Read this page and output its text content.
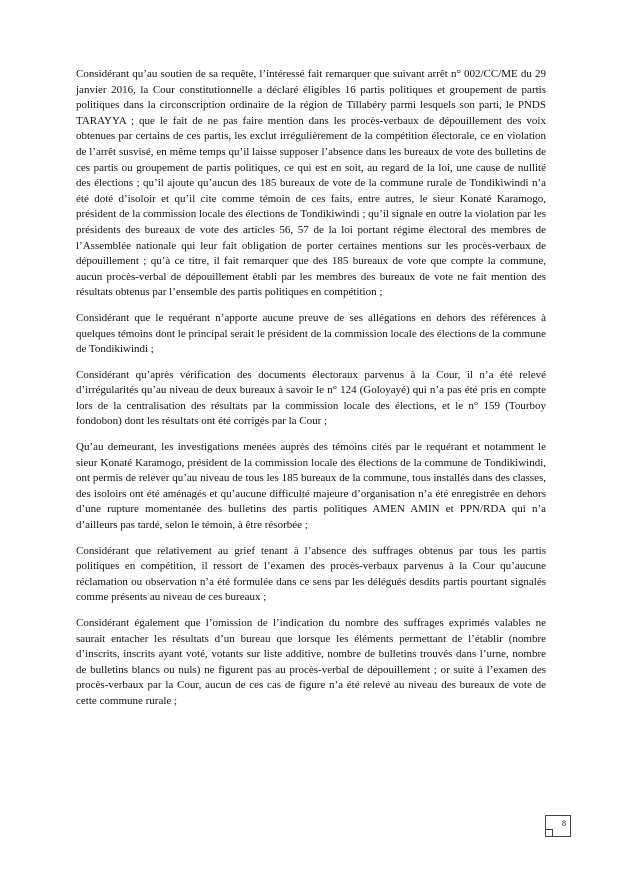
Considérant qu’au soutien de sa requête, l’intéressé fait remarquer que suivant arrêt n° 002/CC/ME du 29 janvier 2016, la Cour constitutionnelle a déclaré éligibles 16 partis politiques et groupement de partis politiques dans la circonscription ordinaire de la région de Tillabéry parmi lesquels son parti, le PNDS TARAYYA ; que le fait de ne pas faire mention dans les procès-verbaux de dépouillement des voix obtenues par certains de ces partis, les exclut irrégulièrement de la compétition électorale, ce en violation de l’arrêt susvisé, en même temps qu’il laisse supposer l’absence dans les bureaux de vote des bulletins de ces partis ou groupement de partis politiques, ce qui est en soit, au regard de la loi, une cause de nullité des élections ; qu’il ajoute qu’aucun des 185 bureaux de vote de la commune rurale de Tondikiwindi n’a été doté d’isoloir et qu’il cite comme témoin de ces faits, entre autres, le sieur Konaté Karamogo, président de la commission locale des élections de Tondikiwindi ; qu’il signale en outre la violation par les présidents des bureaux de vote des articles 56, 57 de la loi portant régime électoral des membres de l’Assemblée nationale qui leur fait obligation de porter certaines mentions sur les procès-verbaux de dépouillement ; qu’à ce titre, il fait remarquer que des 185 bureaux de vote que compte la commune, aucun procès-verbal de dépouillement établi par les membres des bureaux de vote ne fait mention des résultats obtenus par l’ensemble des partis politiques en compétition ;

Considérant que le requérant n’apporte aucune preuve de ses allégations en dehors des références à quelques témoins dont le principal serait le président de la commission locale des élections de la commune de Tondikiwindi ;

Considérant qu’après vérification des documents électoraux parvenus à la Cour, il n’a été relevé d’irrégularités qu’au niveau de deux bureaux à savoir le n° 124 (Goloyayé) qui n’a pas été pris en compte lors de la centralisation des résultats par la commission locale des élections, et le n° 159 (Tourboy fondobon) dont les résultats ont été corrigés par la Cour ;

Qu’au demeurant, les investigations menées auprès des témoins cités par le requérant et notamment le sieur Konaté Karamogo, président de la commission locale des élections de la commune de Tondikiwindi, ont permis de relever qu’au niveau de tous les 185 bureaux de la commune, tous installés dans des classes, des isoloirs ont été aménagés et qu’aucune difficulté majeure d’organisation n’a été enregistrée en dehors d’une rupture momentanée des bulletins des partis politiques AMEN AMIN et PPN/RDA qui n’a d’ailleurs pas tardé, selon le témoin, à être résorbée ;

Considérant que relativement au grief tenant à l’absence des suffrages obtenus par tous les partis politiques en compétition, il ressort de l’examen des procès-verbaux parvenus à la Cour qu’aucune réclamation ou observation n’a été formulée dans ce sens par les délégués desdits partis pourtant signalés comme présents au niveau de ces bureaux ;

Considérant également que l’omission de l’indication du nombre des suffrages exprimés valables ne saurait entacher les résultats d’un bureau que lorsque les éléments permettant de l’établir (nombre d’inscrits, inscrits ayant voté, votants sur liste additive, nombre de bulletins trouvés dans l’urne, nombre de bulletins blancs ou nuls) ne figurent pas au procès-verbal de dépouillement ; or suite à l’examen des procès-verbaux par la Cour, aucun de ces cas de figure n’a été relevé au niveau des bureaux de vote de cette commune rurale ;

8
